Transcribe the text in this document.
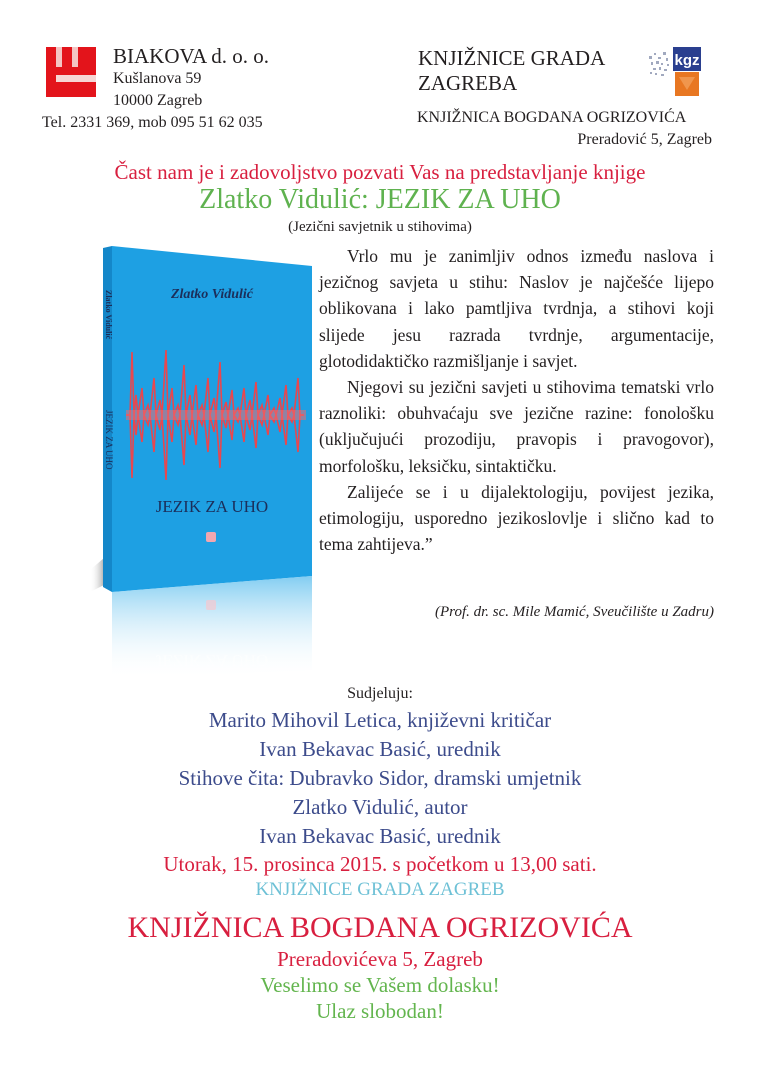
BIAKOVA d. o. o.
Kušlanova 59
10000 Zagreb
Tel. 2331 369, mob 095 51 62 035
KNJIŽNICE GRADA
ZAGREBA
kgz
KNJIŽNICA BOGDANA OGRIZOVIĆA
Preradović 5, Zagreb
Čast nam je i zadovoljstvo pozvati Vas na predstavljanje knjige
Zlatko Vidulić: JEZIK ZA UHO
(Jezični savjetnik u stihovima)
Zlatko Vidulić
JEZIK ZA UHO
Zlatko Vidulić
JEZIK ZA UHO
JEZIK ZA UHO

Vrlo mu je zanimljiv odnos između naslova i jezičnog savjeta u stihu: Naslov je najčešće lijepo oblikovana i lako pamtljiva tvrdnja, a stihovi koji slijede jesu razrada tvrdnje, argumentacije, glotodidaktičko razmišljanje i savjet.

Njegovi su jezični savjeti u stihovima tematski vrlo raznoliki: obuhvaćaju sve jezične razine: fonološku (uključujući prozodiju, pravopis i pravogovor), morfološku, leksičku, sintaktičku.

Zalijeće se i u dijalektologiju, povijest jezika, etimologiju, usporedno jezikoslovlje i slično kad to tema zahtijeva.”

(Prof. dr. sc. Mile Mamić, Sveučilište u Zadru)
Sudjeluju:
Marito Mihovil Letica, književni kritičar
Ivan Bekavac Basić, urednik
Stihove čita: Dubravko Sidor, dramski umjetnik
Zlatko Vidulić, autor
Ivan Bekavac Basić, urednik
Utorak, 15. prosinca 2015. s početkom u 13,00 sati.
KNJIŽNICE GRADA ZAGREB
KNJIŽNICA BOGDANA OGRIZOVIĆA
Preradovićeva 5, Zagreb
Veselimo se Vašem dolasku!
Ulaz slobodan!
